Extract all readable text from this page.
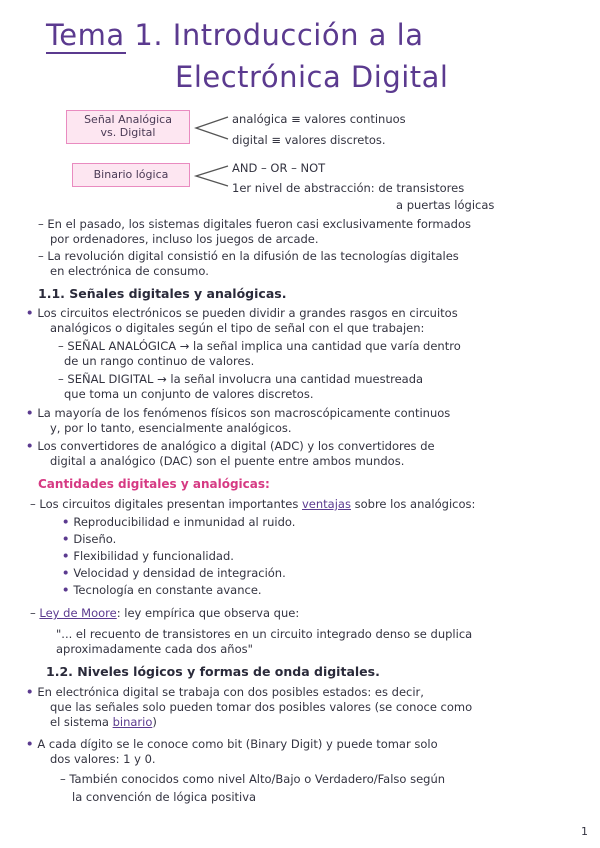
Tema 1. Introducción a la
Electrónica Digital
Señal Analógica
vs. Digital
analógica ≡ valores continuos
digital ≡ valores discretos.
Binario lógica	AND – OR – NOT
1er nivel de abstracción: de transistores
a puertas lógicas
– En el pasado, los sistemas digitales fueron casi exclusivamente formados
por ordenadores, incluso los juegos de arcade.
– La revolución digital consistió en la difusión de las tecnologías digitales
en electrónica de consumo.
1.1. Señales digitales y analógicas.
• Los circuitos electrónicos se pueden dividir a grandes rasgos en circuitos
analógicos o digitales según el tipo de señal con el que trabajen:
– SEÑAL ANALÓGICA → la señal implica una cantidad que varía dentro
de un rango continuo de valores.
– SEÑAL DIGITAL → la señal involucra una cantidad muestreada
que toma un conjunto de valores discretos.
• La mayoría de los fenómenos físicos son macroscópicamente continuos
y, por lo tanto, esencialmente analógicos.
• Los convertidores de analógico a digital (ADC) y los convertidores de
digital a analógico (DAC) son el puente entre ambos mundos.
Cantidades digitales y analógicas:
– Los circuitos digitales presentan importantes ventajas sobre los analógicos:
• Reproducibilidad e inmunidad al ruido.
• Diseño.
• Flexibilidad y funcionalidad.
• Velocidad y densidad de integración.
• Tecnología en constante avance.
– Ley de Moore: ley empírica que observa que:
"... el recuento de transistores en un circuito integrado denso se duplica
aproximadamente cada dos años"
1.2. Niveles lógicos y formas de onda digitales.
• En electrónica digital se trabaja con dos posibles estados: es decir,
que las señales solo pueden tomar dos posibles valores (se conoce como
el sistema binario)
• A cada dígito se le conoce como bit (Binary Digit) y puede tomar solo
dos valores: 1 y 0.
– También conocidos como nivel Alto/Bajo o Verdadero/Falso según
la convención de lógica positiva
1
